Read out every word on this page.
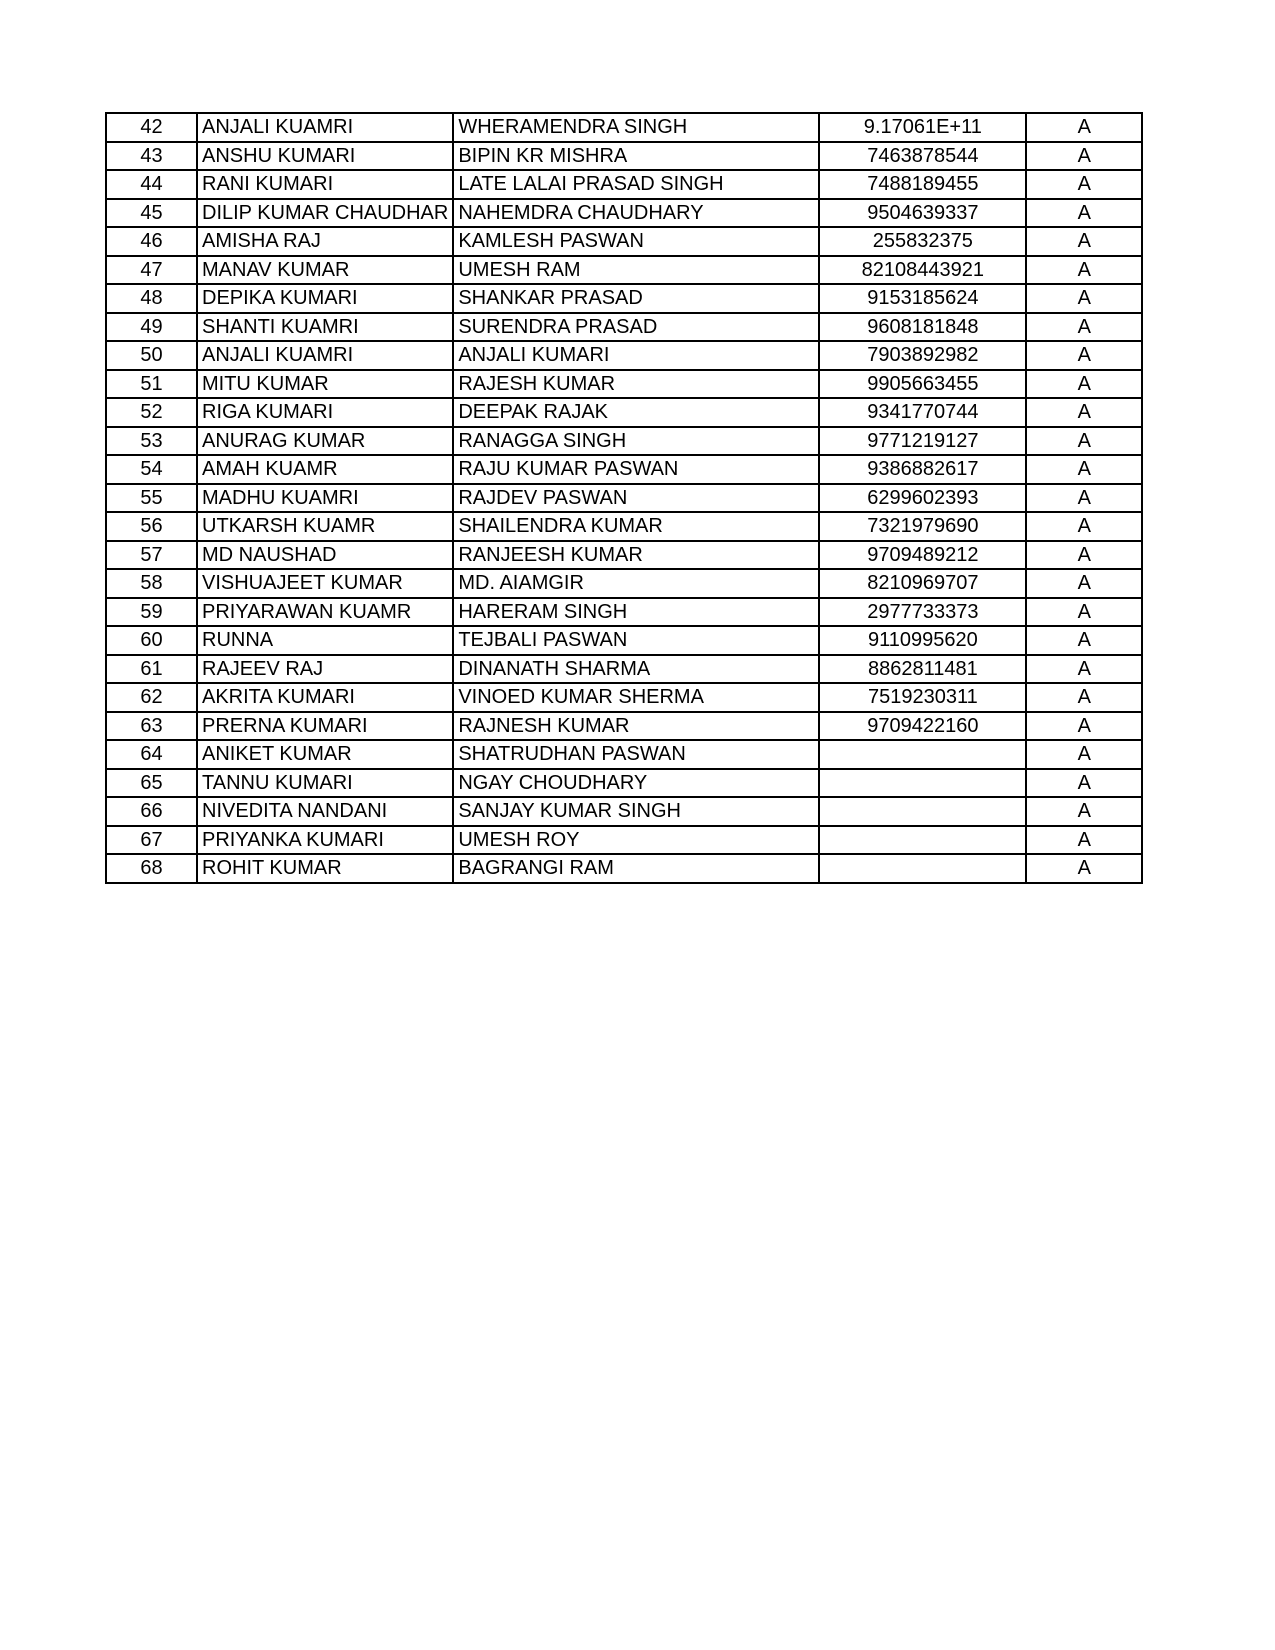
42	ANJALI KUAMRI	WHERAMENDRA SINGH	9.17061E+11	A
43	ANSHU KUMARI	BIPIN KR MISHRA	7463878544	A
44	RANI KUMARI	LATE LALAI PRASAD SINGH	7488189455	A
45	DILIP KUMAR CHAUDHAR	NAHEMDRA CHAUDHARY	9504639337	A
46	AMISHA RAJ	KAMLESH PASWAN	255832375	A
47	MANAV KUMAR	UMESH RAM	82108443921	A
48	DEPIKA KUMARI	SHANKAR PRASAD	9153185624	A
49	SHANTI KUAMRI	SURENDRA PRASAD	9608181848	A
50	ANJALI KUAMRI	ANJALI KUMARI	7903892982	A
51	MITU KUMAR	RAJESH KUMAR	9905663455	A
52	RIGA KUMARI	DEEPAK RAJAK	9341770744	A
53	ANURAG KUMAR	RANAGGA SINGH	9771219127	A
54	AMAH KUAMR	RAJU KUMAR PASWAN	9386882617	A
55	MADHU KUAMRI	RAJDEV PASWAN	6299602393	A
56	UTKARSH KUAMR	SHAILENDRA KUMAR	7321979690	A
57	MD NAUSHAD	RANJEESH KUMAR	9709489212	A
58	VISHUAJEET KUMAR	MD. AIAMGIR	8210969707	A
59	PRIYARAWAN KUAMR	HARERAM SINGH	2977733373	A
60	RUNNA	TEJBALI PASWAN	9110995620	A
61	RAJEEV RAJ	DINANATH SHARMA	8862811481	A
62	AKRITA KUMARI	VINOED KUMAR SHERMA	7519230311	A
63	PRERNA KUMARI	RAJNESH KUMAR	9709422160	A
64	ANIKET KUMAR	SHATRUDHAN PASWAN		A
65	TANNU KUMARI	NGAY CHOUDHARY		A
66	NIVEDITA NANDANI	SANJAY KUMAR SINGH		A
67	PRIYANKA KUMARI	UMESH ROY		A
68	ROHIT KUMAR	BAGRANGI RAM		A
